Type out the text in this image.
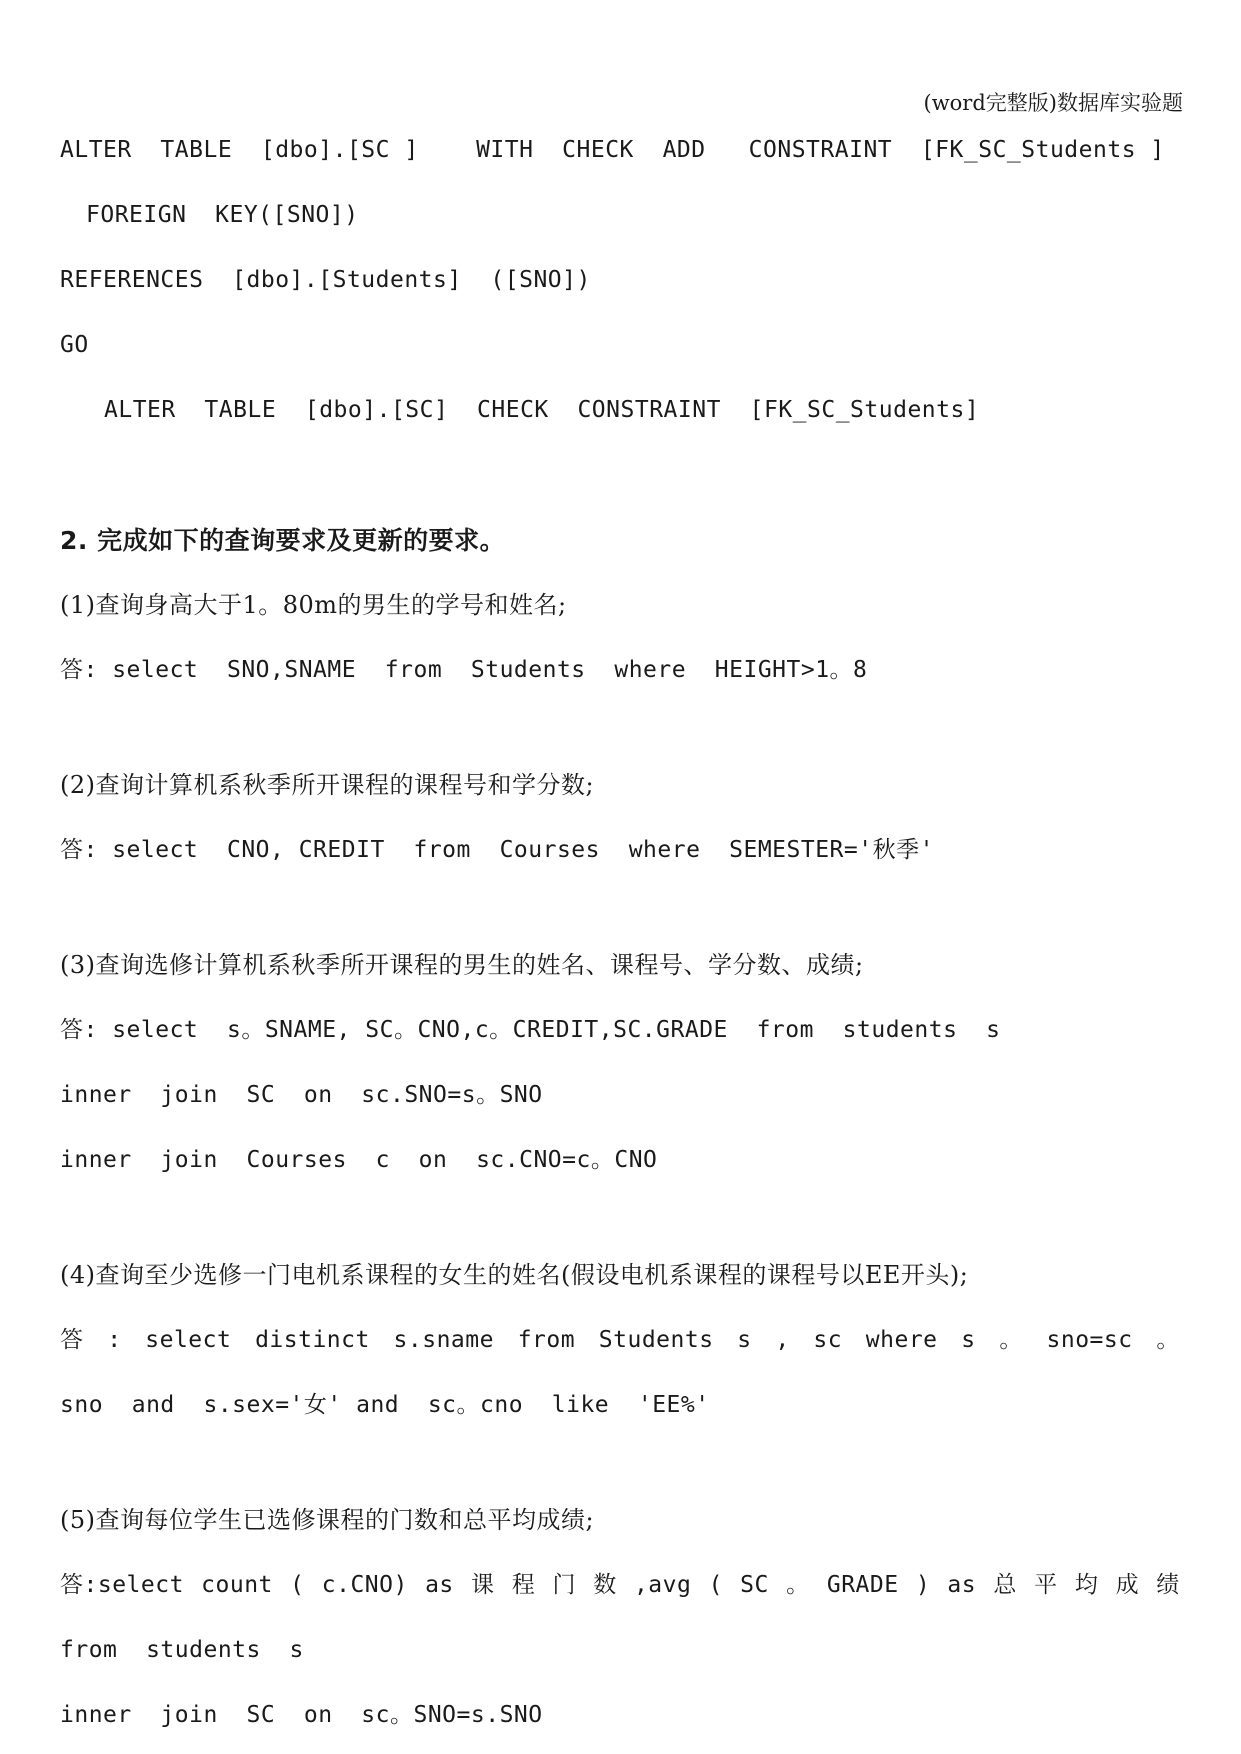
(word完整版)数据库实验题
ALTER  TABLE  [dbo].[SC ]    WITH  CHECK  ADD   CONSTRAINT  [FK_SC_Students ]
FOREIGN  KEY([SNO])
REFERENCES  [dbo].[Students]  ([SNO])
GO
ALTER  TABLE  [dbo].[SC]  CHECK  CONSTRAINT  [FK_SC_Students]
2. 完成如下的查询要求及更新的要求。
(1)查询身高大于1。80m的男生的学号和姓名;
答: select  SNO,SNAME  from  Students  where  HEIGHT>1。8
(2)查询计算机系秋季所开课程的课程号和学分数;
答: select  CNO, CREDIT  from  Courses  where  SEMESTER='秋季'
(3)查询选修计算机系秋季所开课程的男生的姓名、课程号、学分数、成绩;
答: select  s。SNAME, SC。CNO,c。CREDIT,SC.GRADE  from  students  s
inner  join  SC  on  sc.SNO=s。SNO
inner  join  Courses  c  on  sc.CNO=c。CNO
(4)查询至少选修一门电机系课程的女生的姓名(假设电机系课程的课程号以EE开头);
答 : select distinct s.sname from Students s , sc where s 。 sno=sc 。
sno  and  s.sex='女' and  sc。cno  like  'EE%'
(5)查询每位学生已选修课程的门数和总平均成绩;
答:select count ( c.CNO) as 课 程 门 数 ,avg ( SC 。 GRADE ) as 总 平 均 成 绩
from  students  s
inner  join  SC  on  sc。SNO=s.SNO
